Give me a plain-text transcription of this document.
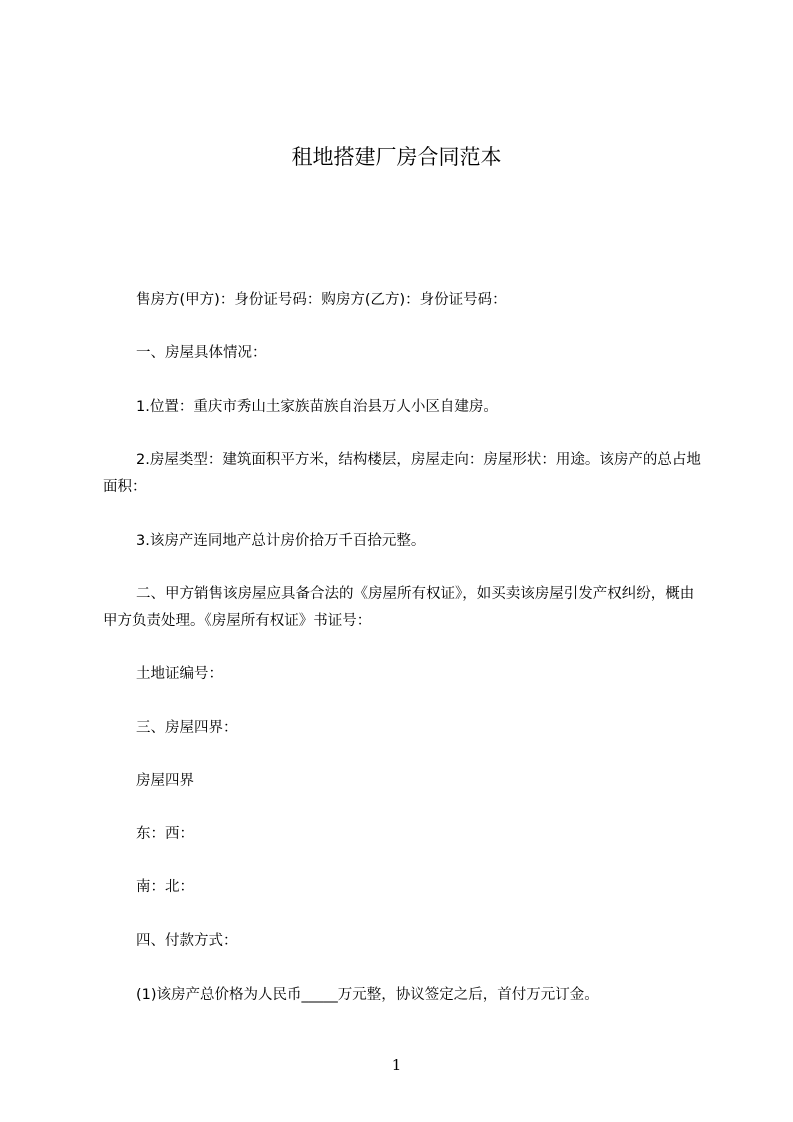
租地搭建厂房合同范本

售房方(甲方)：身份证号码：购房方(乙方)：身份证号码：

一、房屋具体情况：

1.位置：重庆市秀山土家族苗族自治县万人小区自建房。

2.房屋类型：建筑面积平方米，结构楼层，房屋走向：房屋形状：用途。该房产的总占地面积：

3.该房产连同地产总计房价拾万千百拾元整。

二、甲方销售该房屋应具备合法的《房屋所有权证》，如买卖该房屋引发产权纠纷，概由甲方负责处理。《房屋所有权证》书证号：

土地证编号：

三、房屋四界：

房屋四界

东：西：

南：北：

四、付款方式：

(1)该房产总价格为人民币_____万元整，协议签定之后，首付万元订金。

1
